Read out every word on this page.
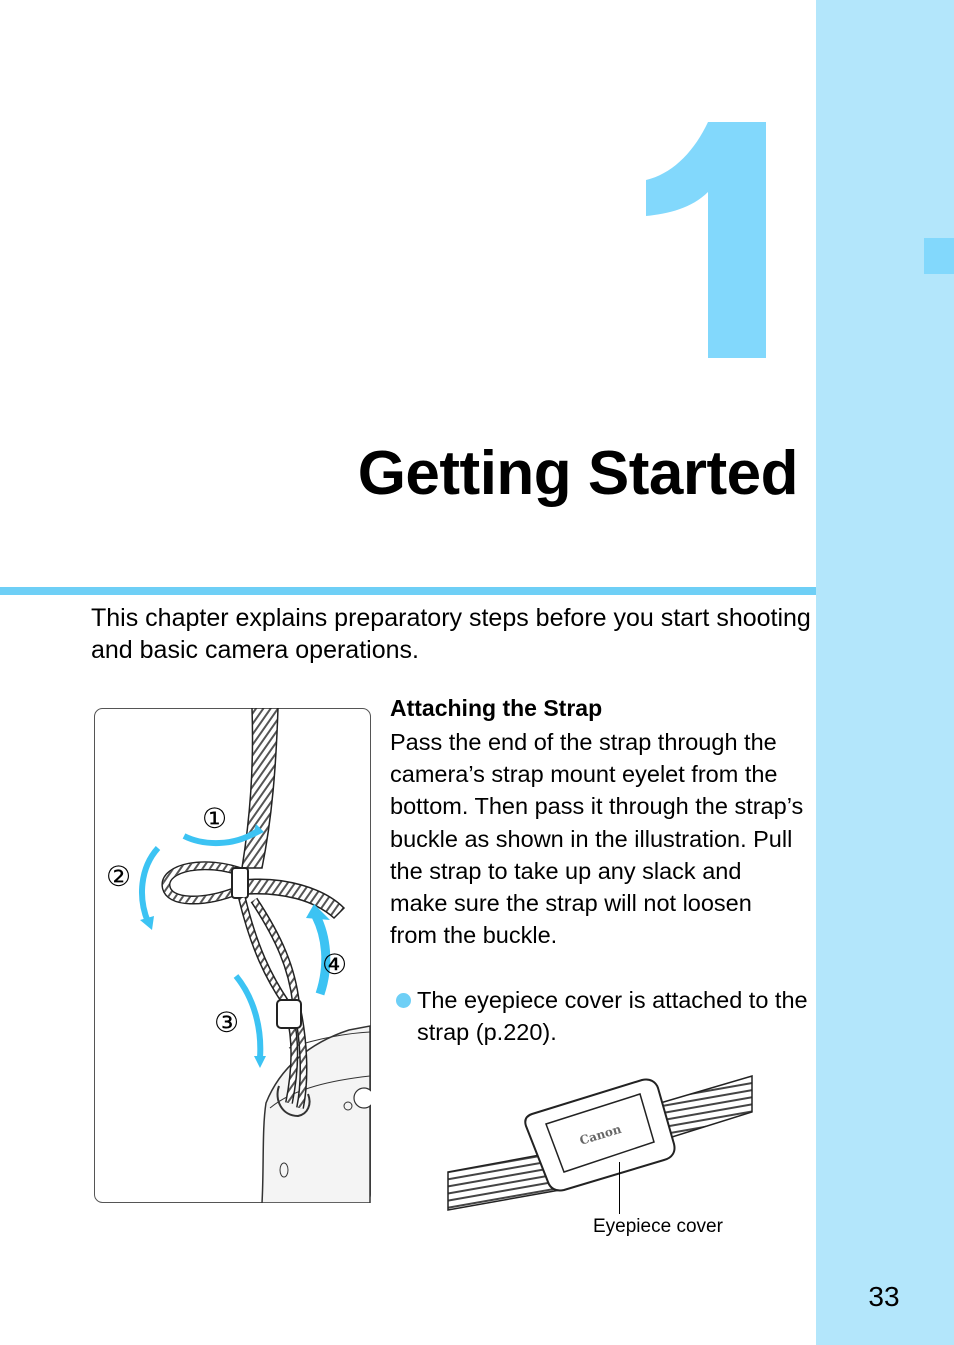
33
Getting Started

This chapter explains preparatory steps before you start shooting and basic camera operations.

①
②
③
④
Attaching the Strap

Pass the end of the strap through the camera’s strap mount eyelet from the bottom. Then pass it through the strap’s buckle as shown in the illustration. Pull the strap to take up any slack and make sure the strap will not loosen from the buckle.

The eyepiece cover is attached to the strap (p.220).

Canon
Eyepiece cover
